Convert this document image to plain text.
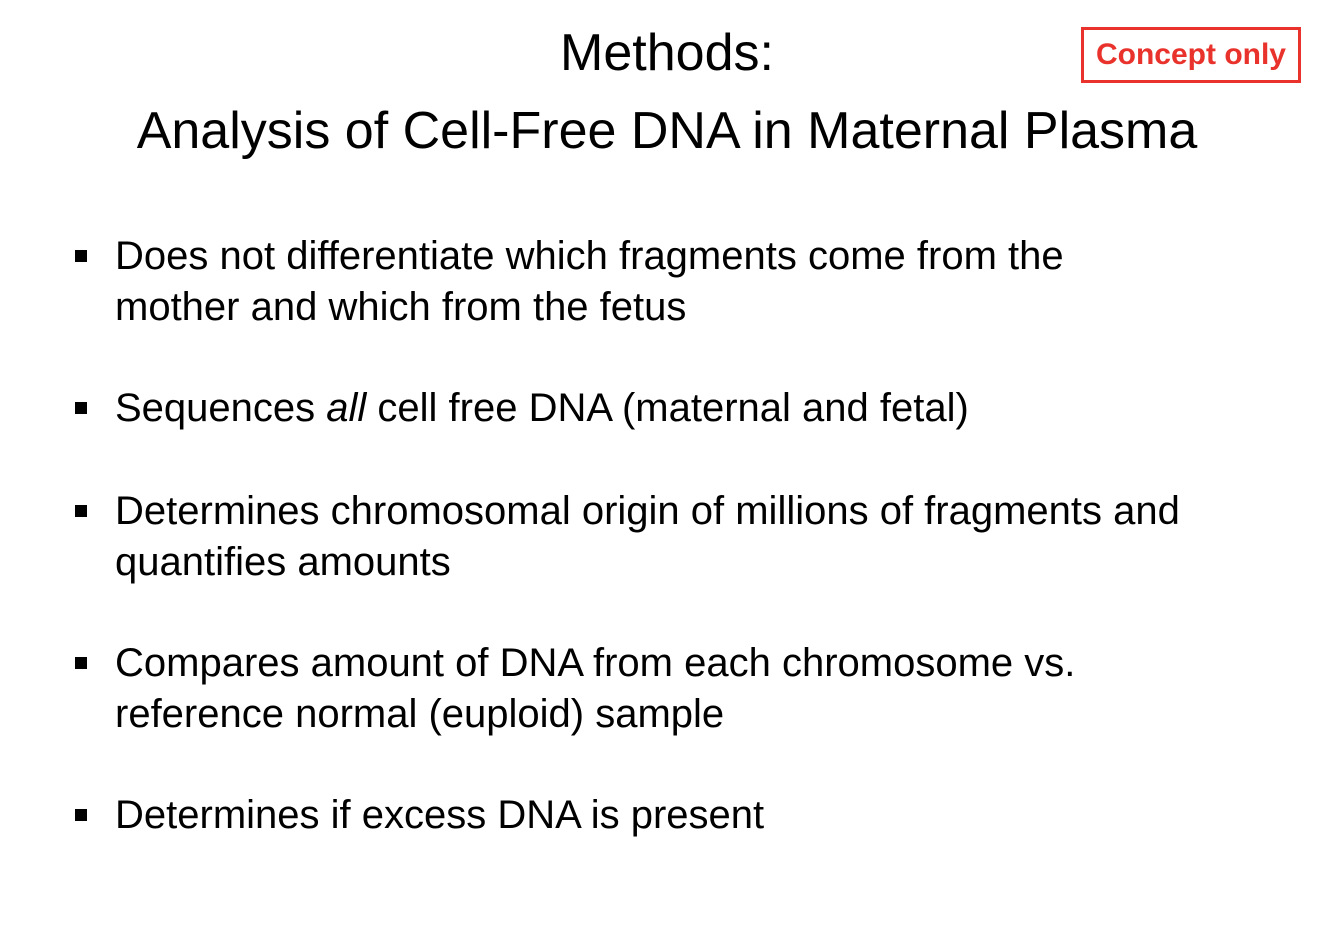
Methods:
Analysis of Cell-Free DNA in Maternal Plasma
Concept only
Does not differentiate which fragments come from the
mother and which from the fetus
Sequences all cell free DNA (maternal and fetal)
Determines chromosomal origin of millions of fragments and
quantifies amounts
Compares amount of DNA from each chromosome vs.
reference normal (euploid) sample
Determines if excess DNA is present
